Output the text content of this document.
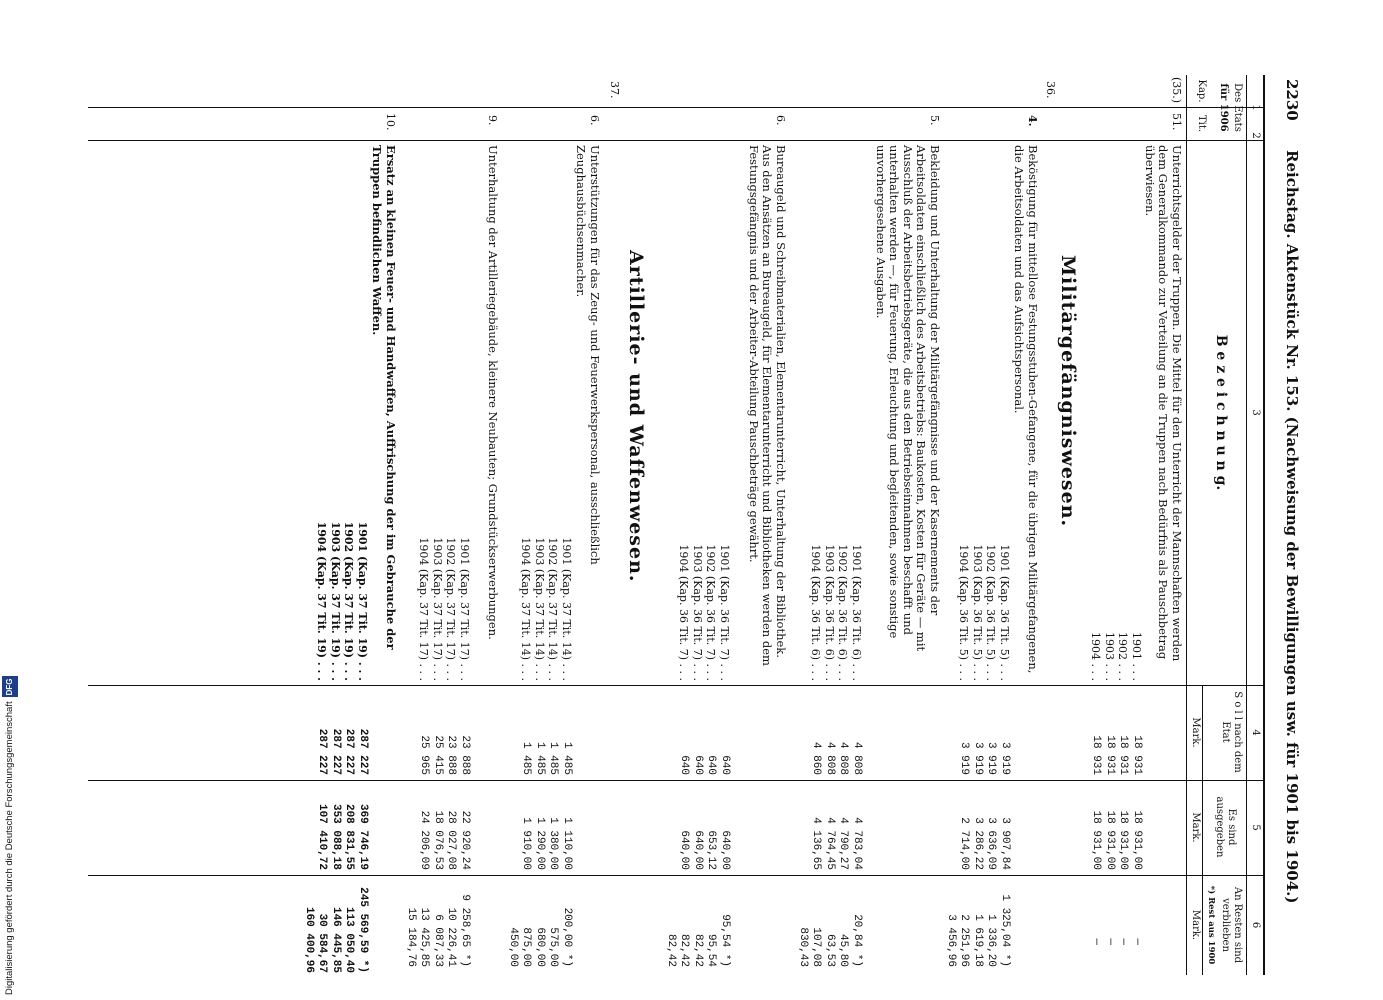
Digitalisierung gefördert durch die Deutsche ForschungsgemeinschaftDFG
2230
Reichstag. Aktenstück Nr. 153. (Nachweisung der Bewilligungen usw. für 1901 bis 1904.)
1
2
3
4
5
6
Des Etats
für 1906
Kap.
Tit.
B e z e i c h n u n g.
S o l l nach dem Etat
Es sind ausgegeben
An Resten sind verblieben
*) Rest aus 1900
Mark.
Mark.
Mark.
(35.)
51.
Unterrichtsgelder der Truppen. Die Mittel für den Unterricht der Mannschaften werden dem Generalkommando zur Verteilung an die Truppen nach Bedürfnis als Pauschbetrag überwiesen.
1901 . . .
1902 . . .
1903 . . .
1904 . . .
18 931
18 931
18 931
18 931
18 931,00
18 931,00
18 931,00
18 931,00
—
—
—
—
Militärgefängniswesen.
36.
4.
Beköstigung für mittellose Festungsstuben-Gefangene, für die übrigen Militärgefangenen, die Arbeitsoldaten und das Aufsichtspersonal.
1901 (Kap. 36 Tit. 5) . . .
1902 (Kap. 36 Tit. 5) . . .
1903 (Kap. 36 Tit. 5) . . .
1904 (Kap. 36 Tit. 5) . . .
3 919
3 919
3 919
3 919
3 907,84
3 636,09
3 286,22
2 714,00
1 325,04 *)
1 336,20
1 619,18
2 251,96
3 456,96
5.
Bekleidung und Unterhaltung der Militärgefängnisse und der Kasernements der Arbeitsoldaten einschließlich des Arbeitsbetriebs: Baukosten, Kosten für Geräte — mit Ausschluß der Arbeitsbetriebsgeräte, die aus den Betriebseinnahmen beschafft und unterhalten werden —, für Feuerung, Erleuchtung und begleitenden, sowie sonstige unvorhergesehene Ausgaben.
1901 (Kap. 36 Tit. 6) . . .
1902 (Kap. 36 Tit. 6) . . .
1903 (Kap. 36 Tit. 6) . . .
1904 (Kap. 36 Tit. 6) . . .
4 808
4 808
4 808
4 860
4 783,04
4 790,27
4 764,45
4 136,65
20,84 *)
45,80
63,53
107,08
830,43
6.
Bureaugeld und Schreibmaterialien, Elementarunterricht, Unterhaltung der Bibliothek. Aus den Ansätzen an Bureaugeld, für Elementarunterricht und Bibliotheken werden dem Festungsgefängnis und der Arbeiter-Abteilung Pauschbeträge gewährt.
1901 (Kap. 36 Tit. 7) . . .
1902 (Kap. 36 Tit. 7) . . .
1903 (Kap. 36 Tit. 7) . . .
1904 (Kap. 36 Tit. 7) . . .
640
640
640
640
640,00
653,12
640,00
640,00
95,54 *)
95,54
82,42
82,42
82,42
Artillerie- und Waffenwesen.
37.
6.
Unterstützungen für das Zeug- und Feuerwerkspersonal, ausschließlich Zeughausbüchsenmacher.
1901 (Kap. 37 Tit. 14) . . .
1902 (Kap. 37 Tit. 14) . . .
1903 (Kap. 37 Tit. 14) . . .
1904 (Kap. 37 Tit. 14) . . .
1 485
1 485
1 485
1 485
1 110,00
1 380,00
1 290,00
1 910,00
200,00 *)
575,00
680,00
875,00
450,00
9.
Unterhaltung der Artilleriegebäude, kleinere Neubauten; Grundstückserwerbungen.
1901 (Kap. 37 Tit. 17) . . .
1902 (Kap. 37 Tit. 17) . . .
1903 (Kap. 37 Tit. 17) . . .
1904 (Kap. 37 Tit. 17) . . .
23 888
23 888
25 415
25 965
22 920,24
28 027,08
18 076,53
24 206,09
9 258,65 *)
10 226,41
6 087,33
13 425,85
15 184,76
10.
Ersatz an kleinen Feuer- und Handwaffen, Auffrischung der im Gebrauche der Truppen befindlichen Waffen.
1901 (Kap. 37 Tit. 19) . . .
1902 (Kap. 37 Tit. 19) . . .
1903 (Kap. 37 Tit. 19) . . .
1904 (Kap. 37 Tit. 19) . . .
287 227
287 227
287 227
287 227
369 746,19
208 831,55
353 088,18
107 410,72
245 569,59 *)
113 050,40
146 445,85
30 584,67
160 400,96
